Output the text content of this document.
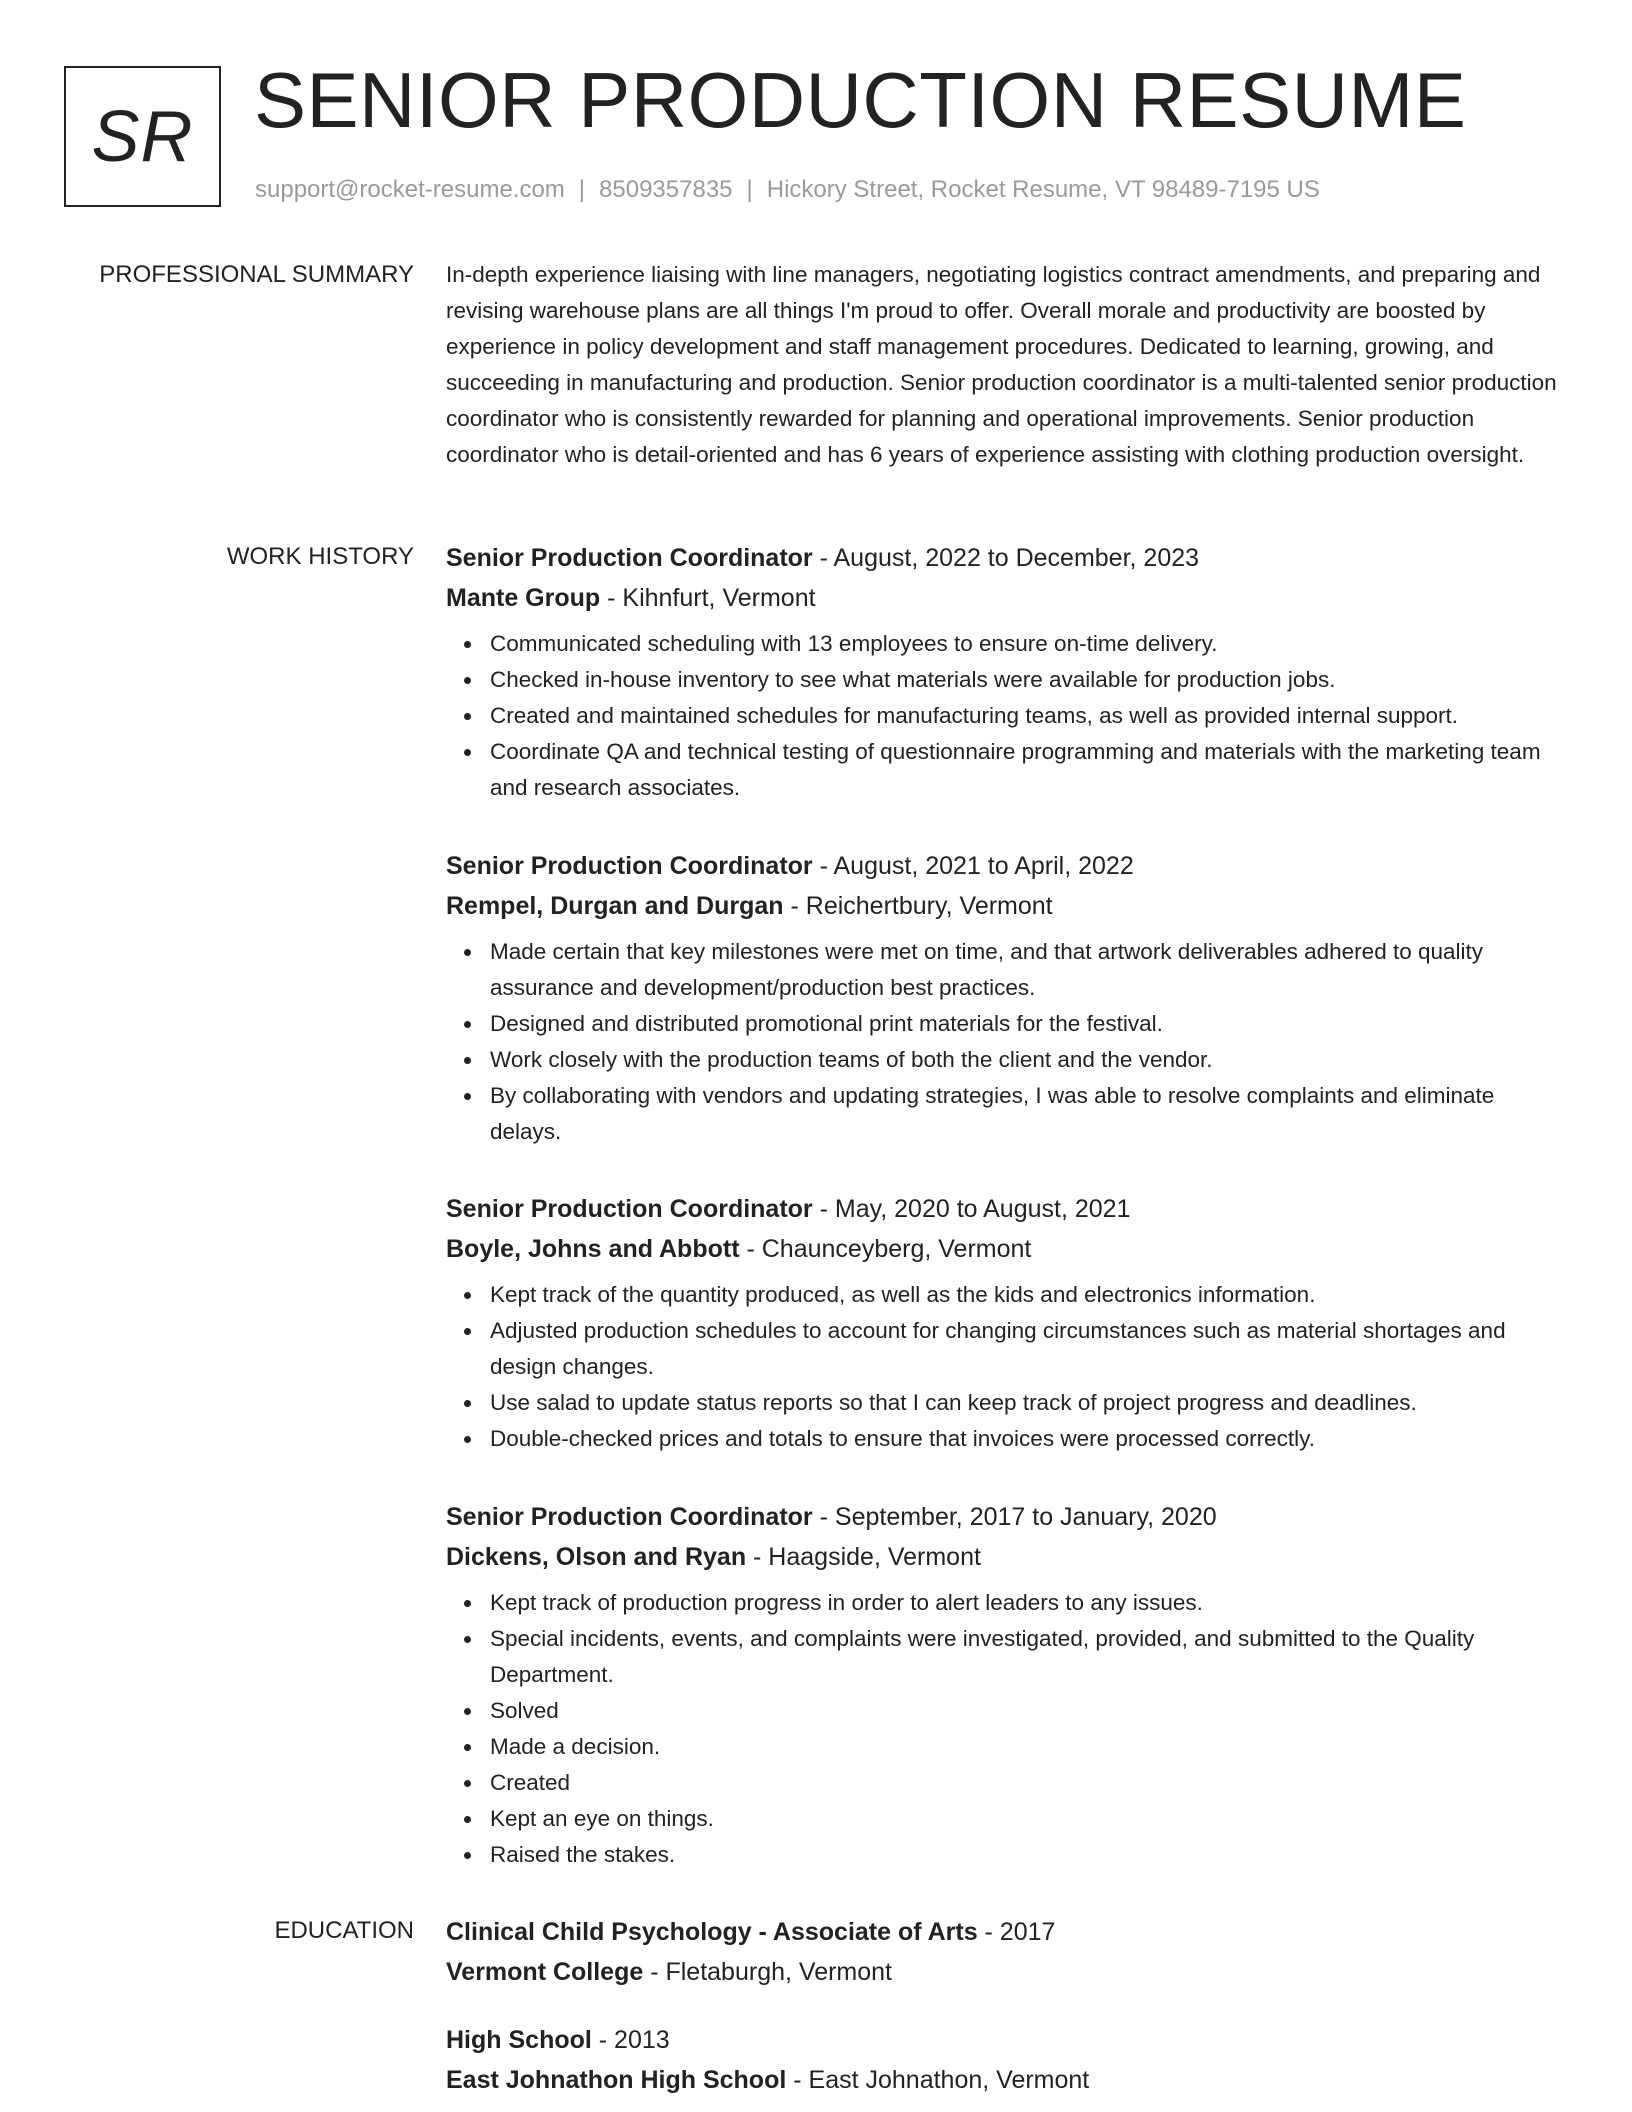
SR SENIOR PRODUCTION RESUME
support@rocket-resume.com | 8509357835 | Hickory Street, Rocket Resume, VT 98489-7195 US
PROFESSIONAL SUMMARY In-depth experience liaising with line managers, negotiating logistics contract amendments, and preparing and revising warehouse plans are all things I'm proud to offer. Overall morale and productivity are boosted by experience in policy development and staff management procedures. Dedicated to learning, growing, and succeeding in manufacturing and production. Senior production coordinator is a multi-talented senior production coordinator who is consistently rewarded for planning and operational improvements. Senior production coordinator who is detail-oriented and has 6 years of experience assisting with clothing production oversight.

WORK HISTORY Senior Production Coordinator - August, 2022 to December, 2023
Mante Group - Kihnfurt, Vermont
Communicated scheduling with 13 employees to ensure on-time delivery.
Checked in-house inventory to see what materials were available for production jobs.
Created and maintained schedules for manufacturing teams, as well as provided internal support.
Coordinate QA and technical testing of questionnaire programming and materials with the marketing team and research associates.
Senior Production Coordinator - August, 2021 to April, 2022
Rempel, Durgan and Durgan - Reichertbury, Vermont
Made certain that key milestones were met on time, and that artwork deliverables adhered to quality assurance and development/production best practices.
Designed and distributed promotional print materials for the festival.
Work closely with the production teams of both the client and the vendor.
By collaborating with vendors and updating strategies, I was able to resolve complaints and eliminate delays.
Senior Production Coordinator - May, 2020 to August, 2021
Boyle, Johns and Abbott - Chaunceyberg, Vermont
Kept track of the quantity produced, as well as the kids and electronics information.
Adjusted production schedules to account for changing circumstances such as material shortages and design changes.
Use salad to update status reports so that I can keep track of project progress and deadlines.
Double-checked prices and totals to ensure that invoices were processed correctly.
Senior Production Coordinator - September, 2017 to January, 2020
Dickens, Olson and Ryan - Haagside, Vermont
Kept track of production progress in order to alert leaders to any issues.
Special incidents, events, and complaints were investigated, provided, and submitted to the Quality Department.
Solved
Made a decision.
Created
Kept an eye on things.
Raised the stakes.
EDUCATION Clinical Child Psychology - Associate of Arts - 2017
Vermont College - Fletaburgh, Vermont
High School - 2013
East Johnathon High School - East Johnathon, Vermont
